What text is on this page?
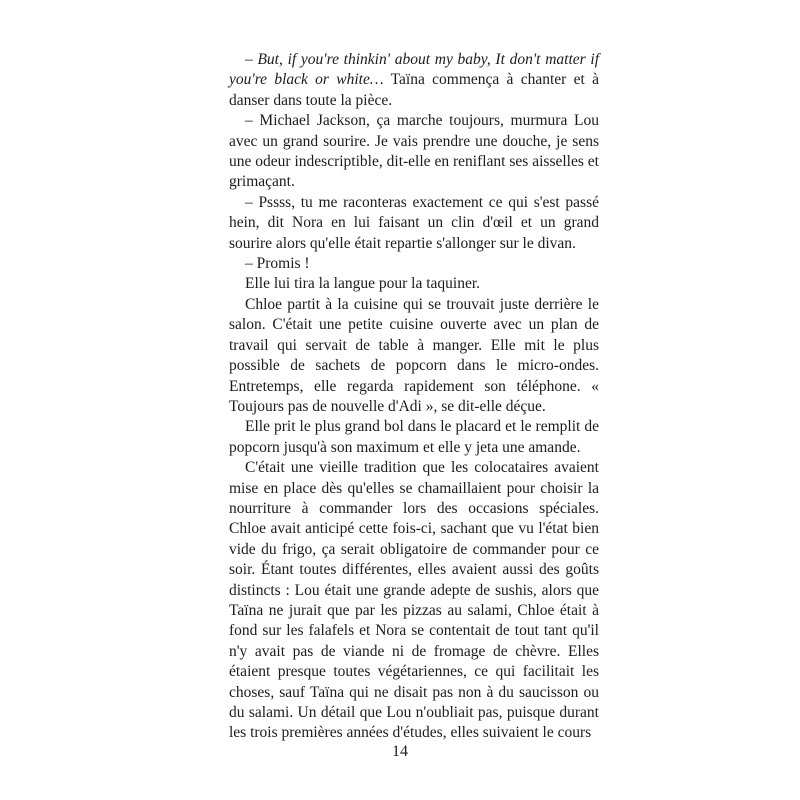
– But, if you're thinkin' about my baby, It don't matter if you're black or white… Taïna commença à chanter et à danser dans toute la pièce.

– Michael Jackson, ça marche toujours, murmura Lou avec un grand sourire. Je vais prendre une douche, je sens une odeur indescriptible, dit-elle en reniflant ses aisselles et grimaçant.

– Pssss, tu me raconteras exactement ce qui s'est passé hein, dit Nora en lui faisant un clin d'œil et un grand sourire alors qu'elle était repartie s'allonger sur le divan.

– Promis !

Elle lui tira la langue pour la taquiner.

Chloe partit à la cuisine qui se trouvait juste derrière le salon. C'était une petite cuisine ouverte avec un plan de travail qui servait de table à manger. Elle mit le plus possible de sachets de popcorn dans le micro-ondes. Entretemps, elle regarda rapidement son téléphone. « Toujours pas de nouvelle d'Adi », se dit-elle déçue.

Elle prit le plus grand bol dans le placard et le remplit de popcorn jusqu'à son maximum et elle y jeta une amande.

C'était une vieille tradition que les colocataires avaient mise en place dès qu'elles se chamaillaient pour choisir la nourriture à commander lors des occasions spéciales. Chloe avait anticipé cette fois-ci, sachant que vu l'état bien vide du frigo, ça serait obligatoire de commander pour ce soir. Étant toutes différentes, elles avaient aussi des goûts distincts : Lou était une grande adepte de sushis, alors que Taïna ne jurait que par les pizzas au salami, Chloe était à fond sur les falafels et Nora se contentait de tout tant qu'il n'y avait pas de viande ni de fromage de chèvre. Elles étaient presque toutes végétariennes, ce qui facilitait les choses, sauf Taïna qui ne disait pas non à du saucisson ou du salami. Un détail que Lou n'oubliait pas, puisque durant les trois premières années d'études, elles suivaient le cours

14
